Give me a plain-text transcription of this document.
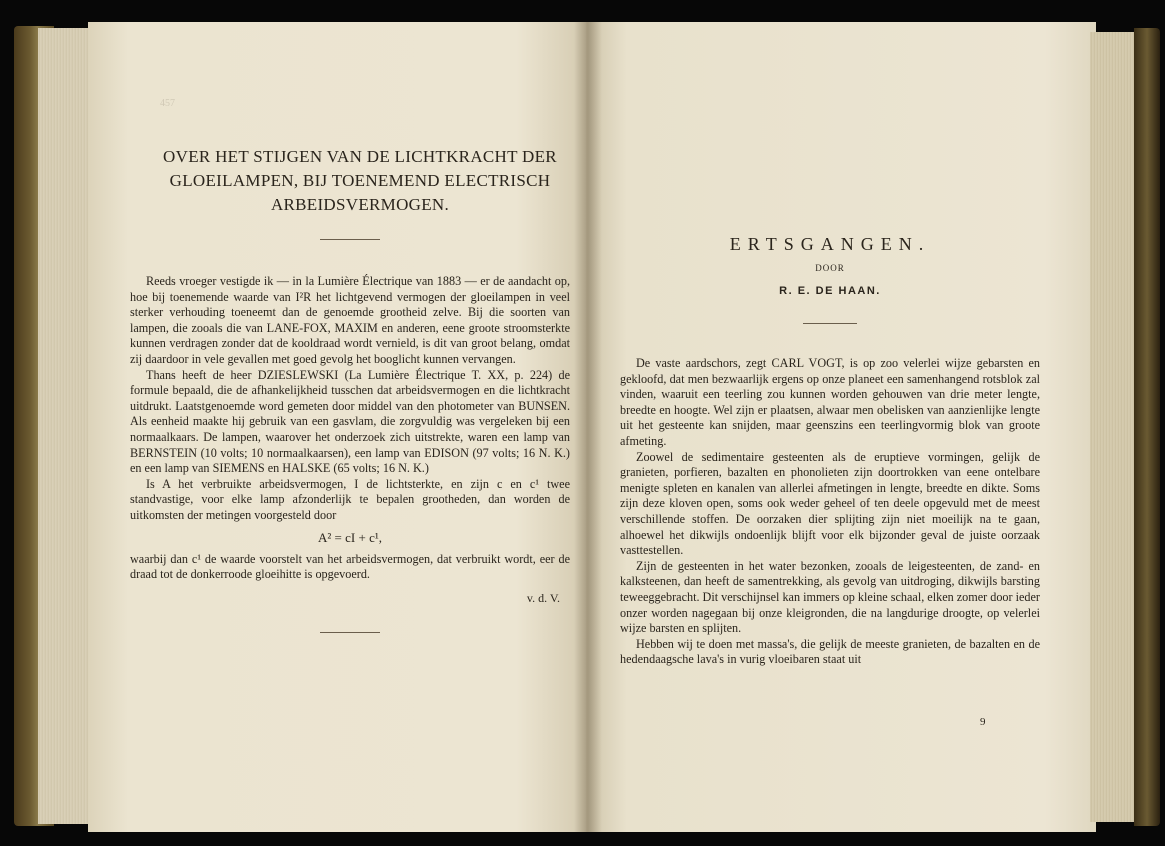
457
OVER HET STIJGEN VAN DE LICHTKRACHT DER GLOEILAMPEN, BIJ TOENEMEND ELECTRISCH ARBEIDSVERMOGEN.

Reeds vroeger vestigde ik — in la Lumière Électrique van 1883 — er de aandacht op, hoe bij toenemende waarde van I²R het lichtgevend vermogen der gloeilampen in veel sterker verhouding toeneemt dan de genoemde grootheid zelve. Bij die soorten van lampen, die zooals die van LANE-FOX, MAXIM en anderen, eene groote stroomsterkte kunnen verdragen zonder dat de kooldraad wordt vernield, is dit van groot belang, omdat zij daardoor in vele gevallen met goed gevolg het booglicht kunnen vervangen.

Thans heeft de heer DZIESLEWSKI (La Lumière Électrique T. XX, p. 224) de formule bepaald, die de afhankelijkheid tusschen dat arbeidsvermogen en die lichtkracht uitdrukt. Laatstgenoemde word gemeten door middel van den photometer van BUNSEN. Als eenheid maakte hij gebruik van een gasvlam, die zorgvuldig was vergeleken bij een normaalkaars. De lampen, waarover het onderzoek zich uitstrekte, waren een lamp van BERNSTEIN (10 volts; 10 normaalkaarsen), een lamp van EDISON (97 volts; 16 N. K.) en een lamp van SIEMENS en HALSKE (65 volts; 16 N. K.)

Is A het verbruikte arbeidsvermogen, I de lichtsterkte, en zijn c en c¹ twee standvastige, voor elke lamp afzonderlijk te bepalen grootheden, dan worden de uitkomsten der metingen voorgesteld door

A² = cI + c¹,

waarbij dan c¹ de waarde voorstelt van het arbeidsvermogen, dat verbruikt wordt, eer de draad tot de donkerroode gloeihitte is opgevoerd.

v. d. V.
ERTSGANGEN.
DOOR
R. E. DE HAAN.

De vaste aardschors, zegt CARL VOGT, is op zoo velerlei wijze gebarsten en gekloofd, dat men bezwaarlijk ergens op onze planeet een samenhangend rotsblok zal vinden, waaruit een teerling zou kunnen worden gehouwen van drie meter lengte, breedte en hoogte. Wel zijn er plaatsen, alwaar men obelisken van aanzienlijke lengte uit het gesteente kan snijden, maar geenszins een teerlingvormig blok van groote afmeting.

Zoowel de sedimentaire gesteenten als de eruptieve vormingen, gelijk de granieten, porfieren, bazalten en phonolieten zijn doortrokken van eene ontelbare menigte spleten en kanalen van allerlei afmetingen in lengte, breedte en dikte. Soms zijn deze kloven open, soms ook weder geheel of ten deele opgevuld met de meest verschillende stoffen. De oorzaken dier splijting zijn niet moeilijk na te gaan, alhoewel het dikwijls ondoenlijk blijft voor elk bijzonder geval de juiste oorzaak vasttestellen.

Zijn de gesteenten in het water bezonken, zooals de leigesteenten, de zand- en kalksteenen, dan heeft de samentrekking, als gevolg van uitdroging, dikwijls barsting teweeggebracht. Dit verschijnsel kan immers op kleine schaal, elken zomer door ieder onzer worden nagegaan bij onze kleigronden, die na langdurige droogte, op velerlei wijze barsten en splijten.

Hebben wij te doen met massa's, die gelijk de meeste granieten, de bazalten en de hedendaagsche lava's in vurig vloeibaren staat uit

9
